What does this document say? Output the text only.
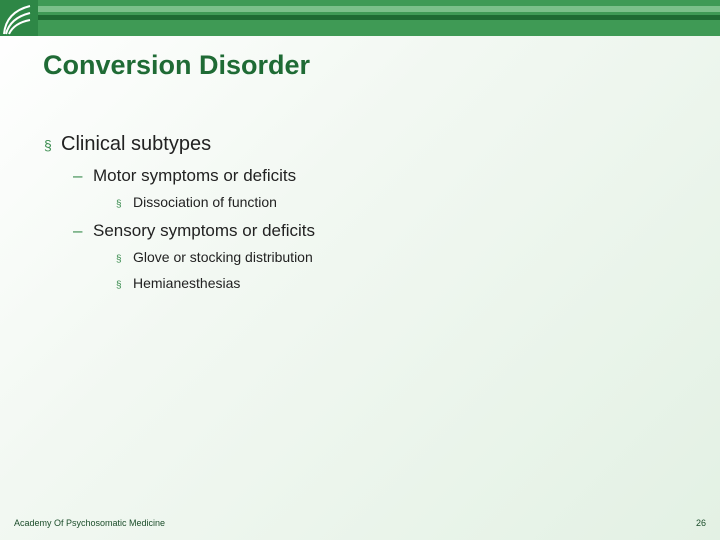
Conversion Disorder
§ Clinical subtypes
– Motor symptoms or deficits
§ Dissociation of function
– Sensory symptoms or deficits
§ Glove or stocking distribution
§ Hemianesthesias
Academy Of Psychosomatic Medicine	26
